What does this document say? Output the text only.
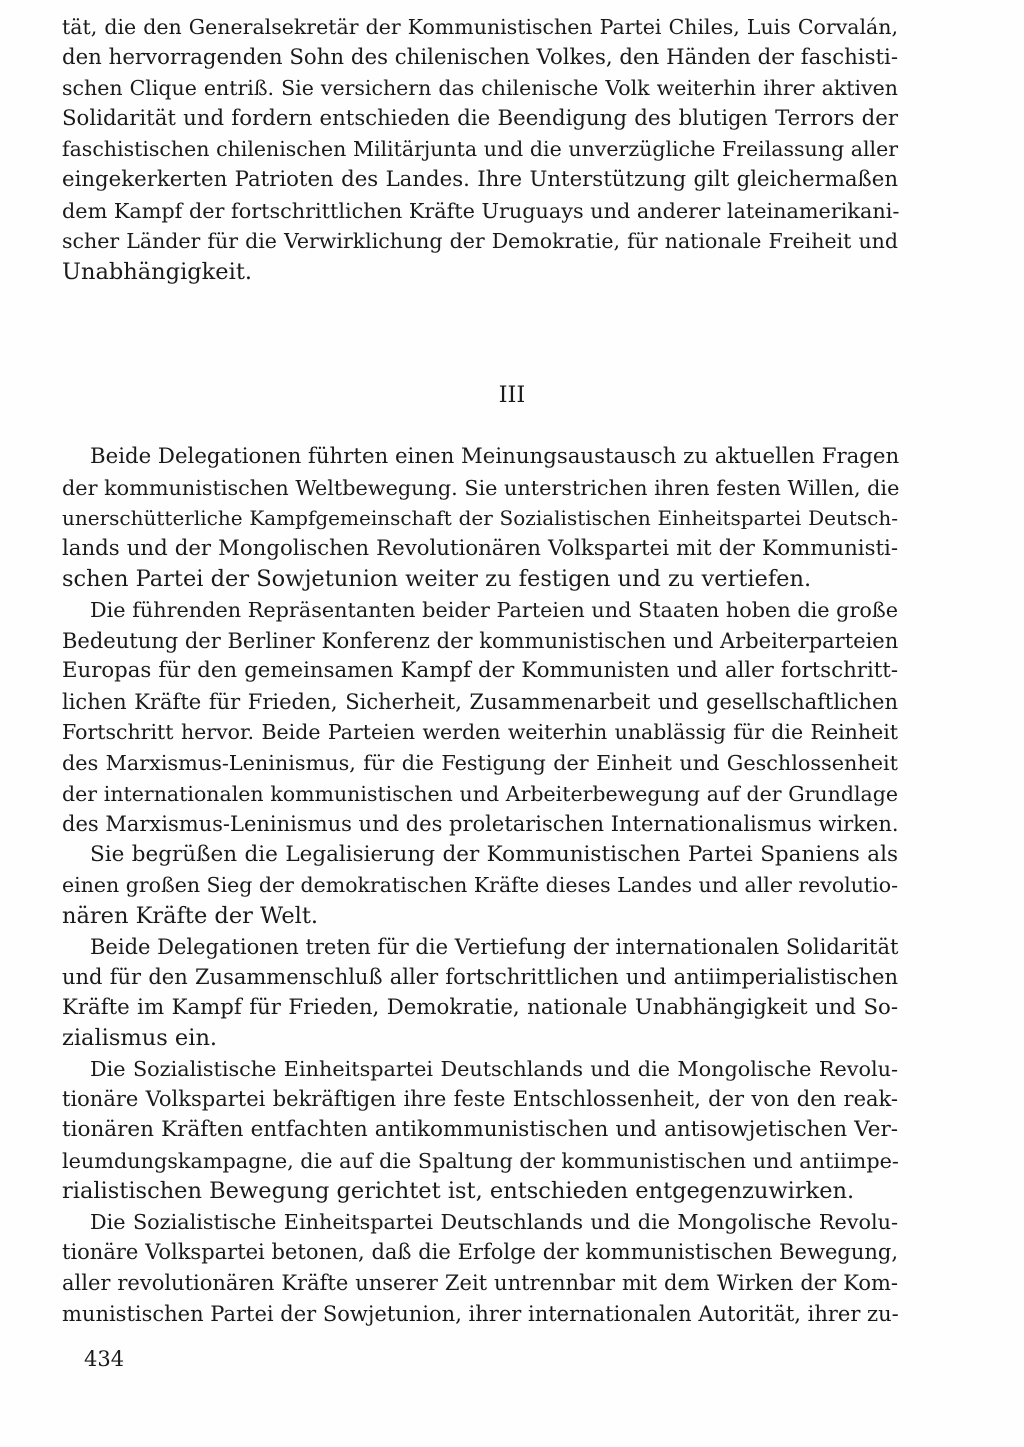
tät, die den Generalsekretär der Kommunistischen Partei Chiles, Luis Corvalán,
den hervorragenden Sohn des chilenischen Volkes, den Händen der faschisti-
schen Clique entriß. Sie versichern das chilenische Volk weiterhin ihrer aktiven
Solidarität und fordern entschieden die Beendigung des blutigen Terrors der
faschistischen chilenischen Militärjunta und die unverzügliche Freilassung aller
eingekerkerten Patrioten des Landes. Ihre Unterstützung gilt gleichermaßen
dem Kampf der fortschrittlichen Kräfte Uruguays und anderer lateinamerikani-
scher Länder für die Verwirklichung der Demokratie, für nationale Freiheit und
Unabhängigkeit.
III
Beide Delegationen führten einen Meinungsaustausch zu aktuellen Fragen
der kommunistischen Weltbewegung. Sie unterstrichen ihren festen Willen, die
unerschütterliche Kampfgemeinschaft der Sozialistischen Einheitspartei Deutsch-
lands und der Mongolischen Revolutionären Volkspartei mit der Kommunisti-
schen Partei der Sowjetunion weiter zu festigen und zu vertiefen.
Die führenden Repräsentanten beider Parteien und Staaten hoben die große
Bedeutung der Berliner Konferenz der kommunistischen und Arbeiterparteien
Europas für den gemeinsamen Kampf der Kommunisten und aller fortschritt-
lichen Kräfte für Frieden, Sicherheit, Zusammenarbeit und gesellschaftlichen
Fortschritt hervor. Beide Parteien werden weiterhin unablässig für die Reinheit
des Marxismus-Leninismus, für die Festigung der Einheit und Geschlossenheit
der internationalen kommunistischen und Arbeiterbewegung auf der Grundlage
des Marxismus-Leninismus und des proletarischen Internationalismus wirken.
Sie begrüßen die Legalisierung der Kommunistischen Partei Spaniens als
einen großen Sieg der demokratischen Kräfte dieses Landes und aller revolutio-
nären Kräfte der Welt.
Beide Delegationen treten für die Vertiefung der internationalen Solidarität
und für den Zusammenschluß aller fortschrittlichen und antiimperialistischen
Kräfte im Kampf für Frieden, Demokratie, nationale Unabhängigkeit und So-
zialismus ein.
Die Sozialistische Einheitspartei Deutschlands und die Mongolische Revolu-
tionäre Volkspartei bekräftigen ihre feste Entschlossenheit, der von den reak-
tionären Kräften entfachten antikommunistischen und antisowjetischen Ver-
leumdungskampagne, die auf die Spaltung der kommunistischen und antiimpe-
rialistischen Bewegung gerichtet ist, entschieden entgegenzuwirken.
Die Sozialistische Einheitspartei Deutschlands und die Mongolische Revolu-
tionäre Volkspartei betonen, daß die Erfolge der kommunistischen Bewegung,
aller revolutionären Kräfte unserer Zeit untrennbar mit dem Wirken der Kom-
munistischen Partei der Sowjetunion, ihrer internationalen Autorität, ihrer zu-
434
